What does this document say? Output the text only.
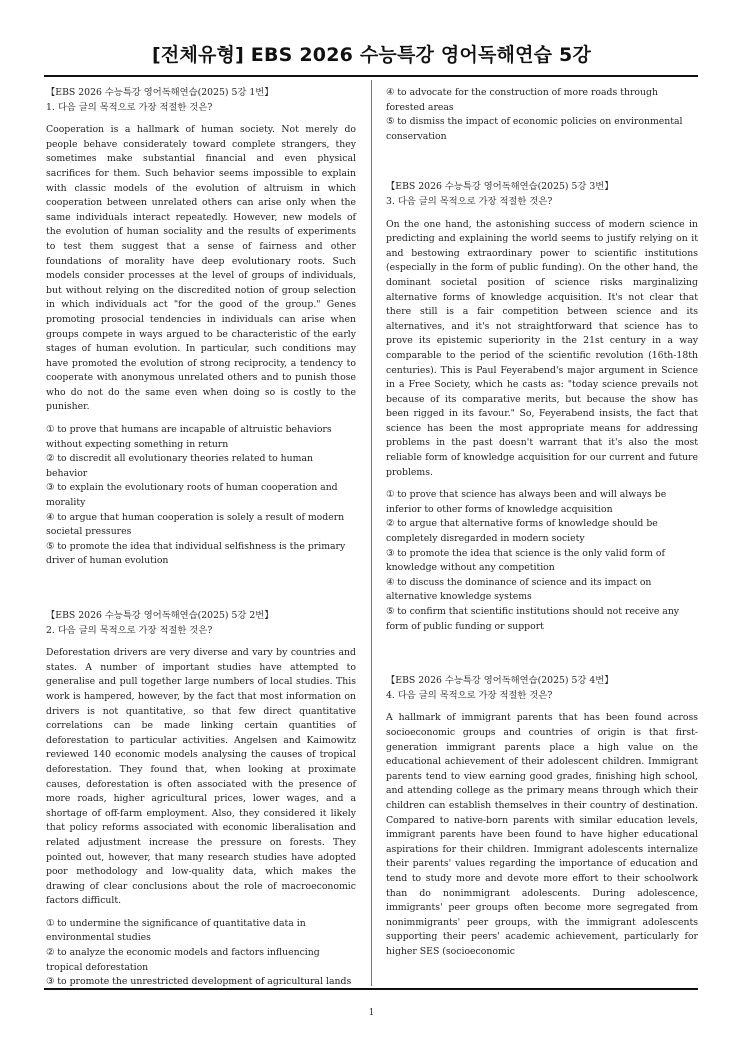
[전체유형] EBS 2026 수능특강 영어독해연습 5강

【EBS 2026 수능특강 영어독해연습(2025) 5강 1번】

1. 다음 글의 목적으로 가장 적절한 것은?

Cooperation is a hallmark of human society. Not merely do people behave considerately toward complete strangers, they sometimes make substantial financial and even physical sacrifices for them. Such behavior seems impossible to explain with classic models of the evolution of altruism in which cooperation between unrelated others can arise only when the same individuals interact repeatedly. However, new models of the evolution of human sociality and the results of experiments to test them suggest that a sense of fairness and other foundations of morality have deep evolutionary roots. Such models consider processes at the level of groups of individuals, but without relying on the discredited notion of group selection in which individuals act "for the good of the group." Genes promoting prosocial tendencies in individuals can arise when groups compete in ways argued to be characteristic of the early stages of human evolution. In particular, such conditions may have promoted the evolution of strong reciprocity, a tendency to cooperate with anonymous unrelated others and to punish those who do not do the same even when doing so is costly to the punisher.

① to prove that humans are incapable of altruistic behaviors without expecting something in return

② to discredit all evolutionary theories related to human behavior

③ to explain the evolutionary roots of human cooperation and morality

④ to argue that human cooperation is solely a result of modern societal pressures

⑤ to promote the idea that individual selfishness is the primary driver of human evolution

【EBS 2026 수능특강 영어독해연습(2025) 5강 2번】

2. 다음 글의 목적으로 가장 적절한 것은?

Deforestation drivers are very diverse and vary by countries and states. A number of important studies have attempted to generalise and pull together large numbers of local studies. This work is hampered, however, by the fact that most information on drivers is not quantitative, so that few direct quantitative correlations can be made linking certain quantities of deforestation to particular activities. Angelsen and Kaimowitz reviewed 140 economic models analysing the causes of tropical deforestation. They found that, when looking at proximate causes, deforestation is often associated with the presence of more roads, higher agricultural prices, lower wages, and a shortage of off-farm employment. Also, they considered it likely that policy reforms associated with economic liberalisation and related adjustment increase the pressure on forests. They pointed out, however, that many research studies have adopted poor methodology and low-quality data, which makes the drawing of clear conclusions about the role of macroeconomic factors difficult.

① to undermine the significance of quantitative data in environmental studies

② to analyze the economic models and factors influencing tropical deforestation

③ to promote the unrestricted development of agricultural lands

④ to advocate for the construction of more roads through forested areas

⑤ to dismiss the impact of economic policies on environmental conservation

【EBS 2026 수능특강 영어독해연습(2025) 5강 3번】

3. 다음 글의 목적으로 가장 적절한 것은?

On the one hand, the astonishing success of modern science in predicting and explaining the world seems to justify relying on it and bestowing extraordinary power to scientific institutions (especially in the form of public funding). On the other hand, the dominant societal position of science risks marginalizing alternative forms of knowledge acquisition. It's not clear that there still is a fair competition between science and its alternatives, and it's not straightforward that science has to prove its epistemic superiority in the 21st century in a way comparable to the period of the scientific revolution (16th-18th centuries). This is Paul Feyerabend's major argument in Science in a Free Society, which he casts as: "today science prevails not because of its comparative merits, but because the show has been rigged in its favour." So, Feyerabend insists, the fact that science has been the most appropriate means for addressing problems in the past doesn't warrant that it's also the most reliable form of knowledge acquisition for our current and future problems.

① to prove that science has always been and will always be inferior to other forms of knowledge acquisition

② to argue that alternative forms of knowledge should be completely disregarded in modern society

③ to promote the idea that science is the only valid form of knowledge without any competition

④ to discuss the dominance of science and its impact on alternative knowledge systems

⑤ to confirm that scientific institutions should not receive any form of public funding or support

【EBS 2026 수능특강 영어독해연습(2025) 5강 4번】

4. 다음 글의 목적으로 가장 적절한 것은?

A hallmark of immigrant parents that has been found across socioeconomic groups and countries of origin is that first-generation immigrant parents place a high value on the educational achievement of their adolescent children. Immigrant parents tend to view earning good grades, finishing high school, and attending college as the primary means through which their children can establish themselves in their country of destination. Compared to native-born parents with similar education levels, immigrant parents have been found to have higher educational aspirations for their children. Immigrant adolescents internalize their parents' values regarding the importance of education and tend to study more and devote more effort to their schoolwork than do nonimmigrant adolescents. During adolescence, immigrants' peer groups often become more segregated from nonimmigrants' peer groups, with the immigrant adolescents supporting their peers' academic achievement, particularly for higher SES (socioeconomic

1
